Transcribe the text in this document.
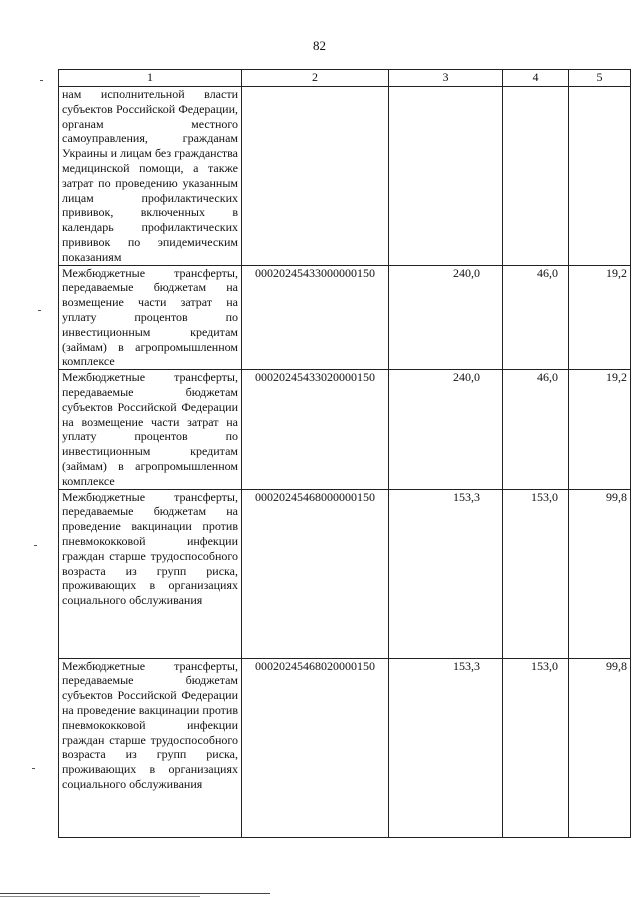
82
1	2	3	4	5
нам исполнительной власти субъектов Российской Федерации, органам местного самоуправления, гражданам Украины и лицам без гражданства медицинской помощи, а также затрат по проведению указанным лицам профилактических прививок, включенных в календарь профилактических прививок по эпидемическим показаниям				
Межбюджетные трансферты, передаваемые бюджетам на возмещение части затрат на уплату процентов по инвестиционным кредитам (займам) в агропромышленном комплексе	00020245433000000150	240,0	46,0	19,2
Межбюджетные трансферты, передаваемые бюджетам субъектов Российской Федерации на возмещение части затрат на уплату процентов по инвестиционным кредитам (займам) в агропромышленном комплексе	00020245433020000150	240,0	46,0	19,2
Межбюджетные трансферты, передаваемые бюджетам на проведение вакцинации против пневмококковой инфекции граждан старше трудоспособного возраста из групп риска, проживающих в организациях социального обслуживания	00020245468000000150	153,3	153,0	99,8
Межбюджетные трансферты, передаваемые бюджетам субъектов Российской Федерации на проведение вакцинации против пневмококковой инфекции граждан старше трудоспособного возраста из групп риска, проживающих в организациях социального обслуживания	00020245468020000150	153,3	153,0	99,8
